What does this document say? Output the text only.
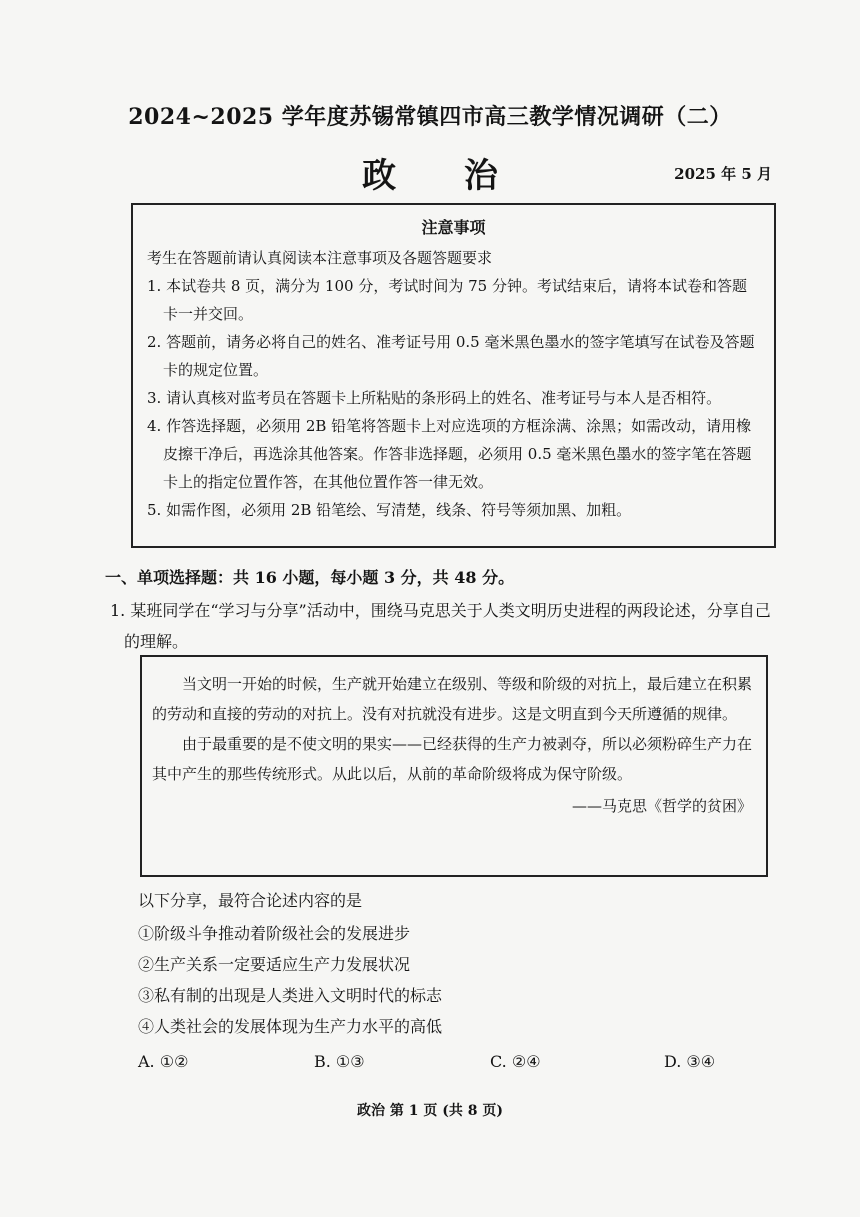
2024~2025 学年度苏锡常镇四市高三教学情况调研（二）
政 治	2025 年 5 月
注意事项
考生在答题前请认真阅读本注意事项及各题答题要求
1. 本试卷共 8 页，满分为 100 分，考试时间为 75 分钟。考试结束后，请将本试卷和答题卡一并交回。
2. 答题前，请务必将自己的姓名、准考证号用 0.5 毫米黑色墨水的签字笔填写在试卷及答题卡的规定位置。
3. 请认真核对监考员在答题卡上所粘贴的条形码上的姓名、准考证号与本人是否相符。
4. 作答选择题，必须用 2B 铅笔将答题卡上对应选项的方框涂满、涂黑；如需改动，请用橡皮擦干净后，再选涂其他答案。作答非选择题，必须用 0.5 毫米黑色墨水的签字笔在答题卡上的指定位置作答，在其他位置作答一律无效。
5. 如需作图，必须用 2B 铅笔绘、写清楚，线条、符号等须加黑、加粗。
一、单项选择题：共 16 小题，每小题 3 分，共 48 分。
1. 某班同学在“学习与分享”活动中，围绕马克思关于人类文明历史进程的两段论述，分享自己的理解。
当文明一开始的时候，生产就开始建立在级别、等级和阶级的对抗上，最后建立在积累的劳动和直接的劳动的对抗上。没有对抗就没有进步。这是文明直到今天所遵循的规律。
由于最重要的是不使文明的果实——已经获得的生产力被剥夺，所以必须粉碎生产力在其中产生的那些传统形式。从此以后，从前的革命阶级将成为保守阶级。
——马克思《哲学的贫困》
以下分享，最符合论述内容的是
①阶级斗争推动着阶级社会的发展进步
②生产关系一定要适应生产力发展状况
③私有制的出现是人类进入文明时代的标志
④人类社会的发展体现为生产力水平的高低
A. ①②	B. ①③	C. ②④	D. ③④
政治 第 1 页 (共 8 页)
